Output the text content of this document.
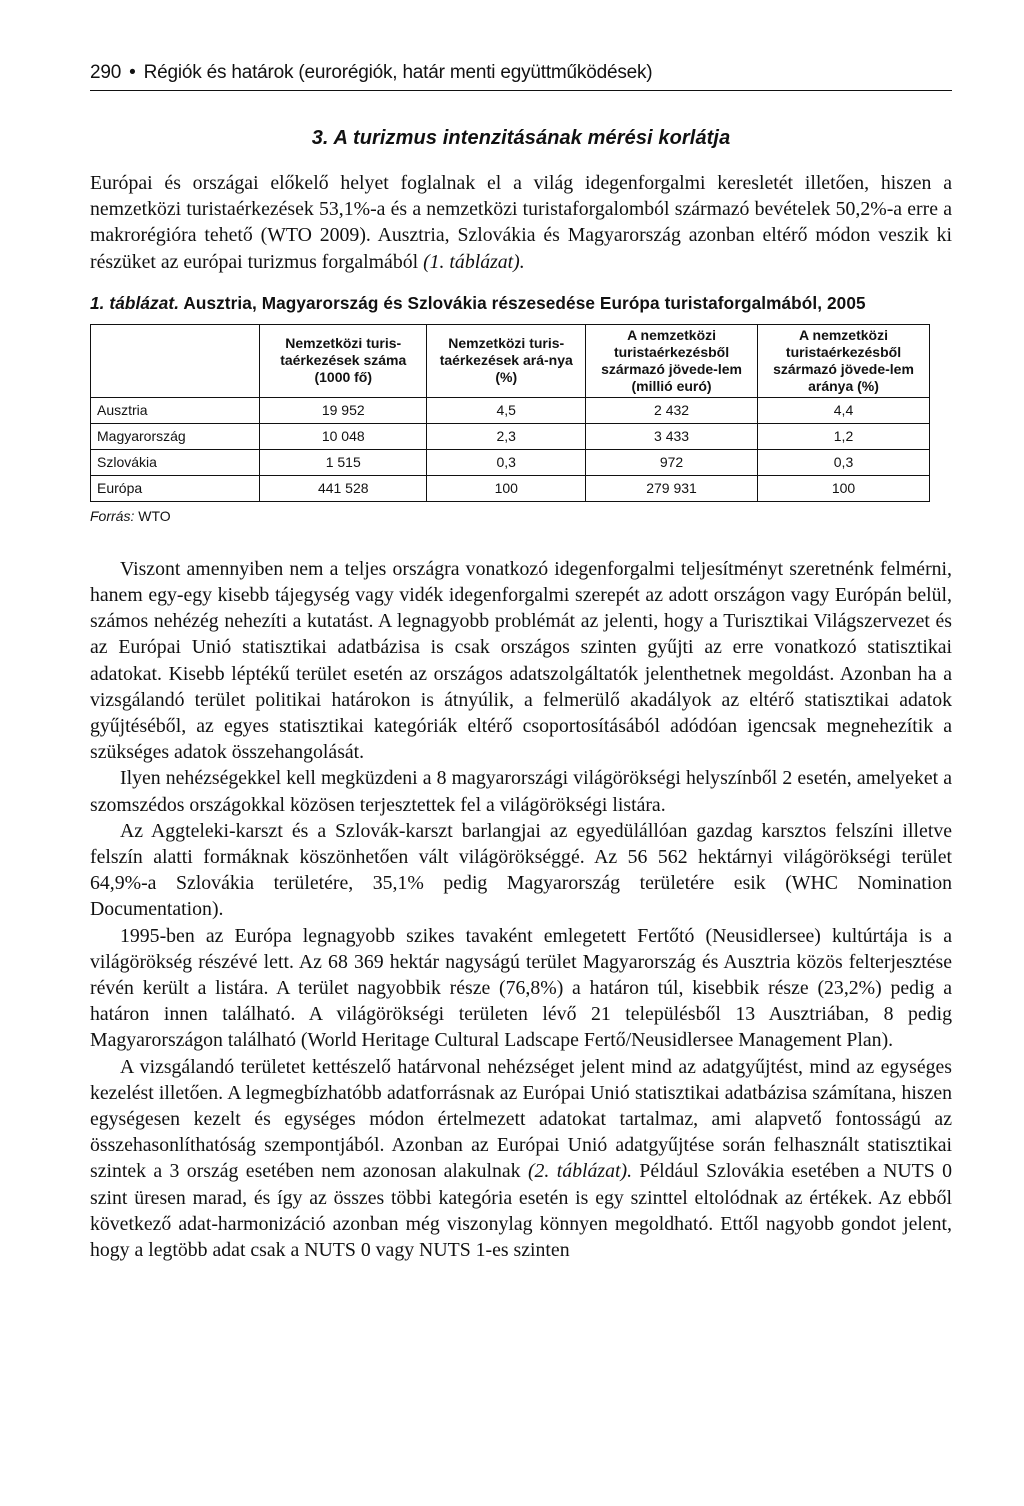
290 • Régiók és határok (eurorégiók, határ menti együttműködések)
3. A turizmus intenzitásának mérési korlátja

Európai és országai előkelő helyet foglalnak el a világ idegenforgalmi keresletét illetően, hiszen a nemzetközi turistaérkezések 53,1%-a és a nemzetközi turistaforgalomból származó bevételek 50,2%-a erre a makrorégióra tehető (WTO 2009). Ausztria, Szlovákia és Magyarország azonban eltérő módon veszik ki részüket az európai turizmus forgalmából (1. táblázat).

1. táblázat. Ausztria, Magyarország és Szlovákia részesedése Európa turistaforgalmából, 2005
	Nemzetközi turis-taérkezések száma (1000 fő)	Nemzetközi turis-taérkezések ará-nya (%)	A nemzetközi turistaérkezésből származó jövede-lem (millió euró)	A nemzetközi turistaérkezésből származó jövede-lem aránya (%)
Ausztria	19 952	4,5	2 432	4,4
Magyarország	10 048	2,3	3 433	1,2
Szlovákia	1 515	0,3	972	0,3
Európa	441 528	100	279 931	100
Forrás: WTO

Viszont amennyiben nem a teljes országra vonatkozó idegenforgalmi teljesítményt szeretnénk felmérni, hanem egy-egy kisebb tájegység vagy vidék idegenforgalmi szerepét az adott országon vagy Európán belül, számos nehézég nehezíti a kutatást. A legnagyobb problémát az jelenti, hogy a Turisztikai Világszervezet és az Európai Unió statisztikai adatbázisa is csak országos szinten gyűjti az erre vonatkozó statisztikai adatokat. Kisebb léptékű terület esetén az országos adatszolgáltatók jelenthetnek megoldást. Azonban ha a vizsgálandó terület politikai határokon is átnyúlik, a felmerülő akadályok az eltérő statisztikai adatok gyűjtéséből, az egyes statisztikai kategóriák eltérő csoportosításából adódóan igencsak megnehezítik a szükséges adatok összehangolását.

Ilyen nehézségekkel kell megküzdeni a 8 magyarországi világörökségi helyszínből 2 esetén, amelyeket a szomszédos országokkal közösen terjesztettek fel a világörökségi listára.

Az Aggteleki-karszt és a Szlovák-karszt barlangjai az egyedülállóan gazdag karsztos felszíni illetve felszín alatti formáknak köszönhetően vált világörökséggé. Az 56 562 hektárnyi világörökségi terület 64,9%-a Szlovákia területére, 35,1% pedig Magyarország területére esik (WHC Nomination Documentation).

1995-ben az Európa legnagyobb szikes tavaként emlegetett Fertőtó (Neusidlersee) kultúrtája is a világörökség részévé lett. Az 68 369 hektár nagyságú terület Magyarország és Ausztria közös felterjesztése révén került a listára. A terület nagyobbik része (76,8%) a határon túl, kisebbik része (23,2%) pedig a határon innen található. A világörökségi területen lévő 21 településből 13 Ausztriában, 8 pedig Magyarországon található (World Heritage Cultural Ladscape Fertő/Neusidlersee Management Plan).

A vizsgálandó területet kettészelő határvonal nehézséget jelent mind az adatgyűjtést, mind az egységes kezelést illetően. A legmegbízhatóbb adatforrásnak az Európai Unió statisztikai adatbázisa számítana, hiszen egységesen kezelt és egységes módon értelmezett adatokat tartalmaz, ami alapvető fontosságú az összehasonlíthatóság szempontjából. Azonban az Európai Unió adatgyűjtése során felhasznált statisztikai szintek a 3 ország esetében nem azonosan alakulnak (2. táblázat). Például Szlovákia esetében a NUTS 0 szint üresen marad, és így az összes többi kategória esetén is egy szinttel eltolódnak az értékek. Az ebből következő adat-harmonizáció azonban még viszonylag könnyen megoldható. Ettől nagyobb gondot jelent, hogy a legtöbb adat csak a NUTS 0 vagy NUTS 1-es szinten
